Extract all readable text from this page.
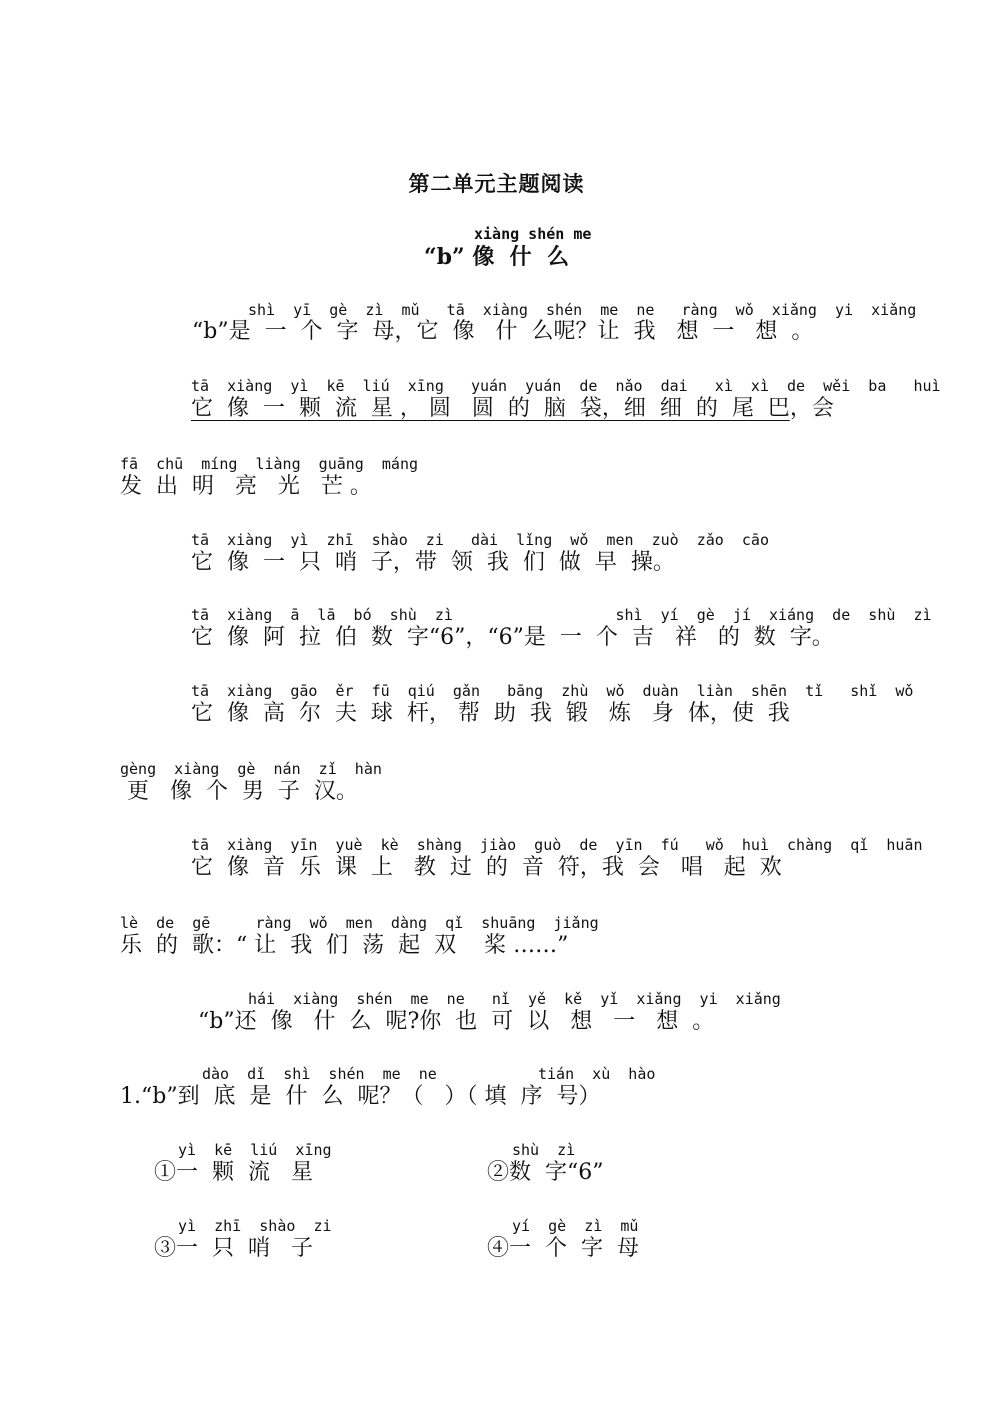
第二单元主题阅读
xiàng shén me
“b” 像  什  么
shì  yī  gè  zì  mǔ   tā  xiàng  shén  me  ne   ràng  wǒ  xiǎng  yi  xiǎng
“b”是  一  个  字  母，它  像   什  么呢？让  我   想  一   想  。
tā  xiàng  yì  kē  liú  xīng   yuán  yuán  de  nǎo  dai   xì  xì  de  wěi  ba   huì
它  像  一  颗  流  星 ， 圆   圆  的  脑  袋，细  细  的  尾  巴，会
fā  chū  míng  liàng  guāng  máng
发  出  明   亮   光   芒 。
tā  xiàng  yì  zhī  shào  zi   dài  lǐng  wǒ  men  zuò  zǎo  cāo
它  像  一  只  哨  子，带  领  我  们  做  早  操。
tā  xiàng  ā  lā  bó  shù  zì                  shì  yí  gè  jí  xiáng  de  shù  zì
它  像  阿  拉  伯  数  字“6”，“6”是  一  个  吉   祥   的  数  字。
tā  xiàng  gāo  ěr  fū  qiú  gǎn   bāng  zhù  wǒ  duàn  liàn  shēn  tǐ   shǐ  wǒ
它  像  高  尔  夫  球  杆， 帮  助  我  锻   炼   身  体，使  我
gèng  xiàng  gè  nán  zǐ  hàn
更   像  个  男  子  汉。
tā  xiàng  yīn  yuè  kè  shàng  jiào  guò  de  yīn  fú   wǒ  huì  chàng  qǐ  huān
它  像  音  乐  课  上   教  过  的  音  符，我  会   唱   起  欢
lè  de  gē     ràng  wǒ  men  dàng  qǐ  shuāng  jiǎng
乐  的  歌：“ 让  我  们  荡  起  双    桨 ……”
hái  xiàng  shén  me  ne   nǐ  yě  kě  yǐ  xiǎng  yi  xiǎng
“b”还  像   什  么  呢?你  也  可  以   想   一   想  。
dào  dǐ  shì  shén  me  ne	tián  xù  hào
1.“b”到  底  是  什  么  呢？（   ）（ 填  序  号）
yì  kē  liú  xīng
①一  颗  流   星
shù  zì
②数  字“6”
yì  zhī  shào  zi
③一  只  哨   子
yí  gè  zì  mǔ
④一  个  字  母
